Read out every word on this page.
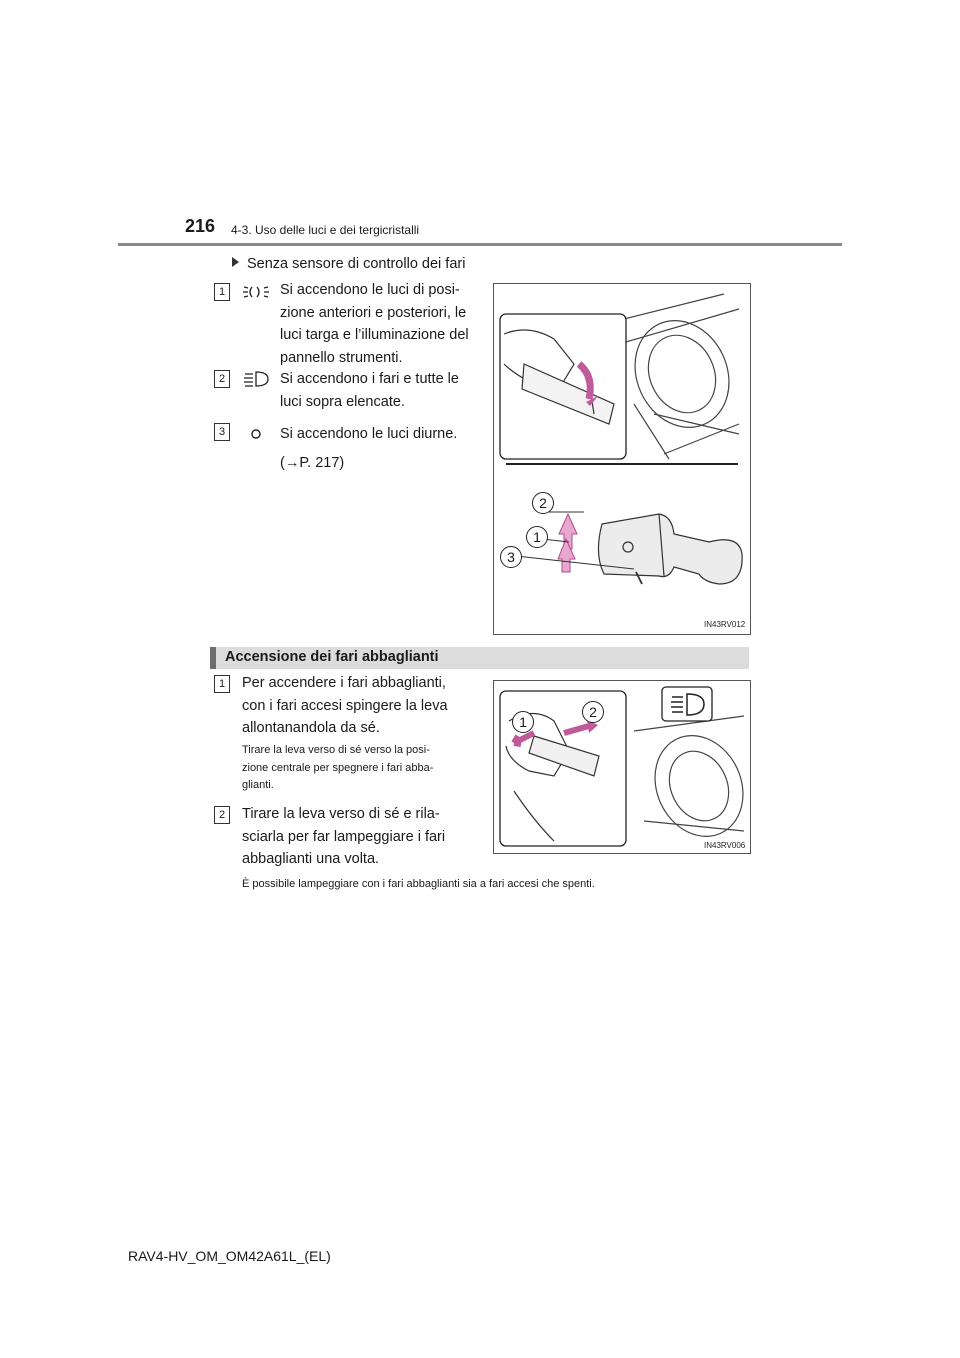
216 4-3. Uso delle luci e dei tergicristalli
Senza sensore di controllo dei fari
1	Si accendono le luci di posi-
zione anteriori e posteriori, le
luci targa e l’illuminazione del
pannello strumenti.
2	Si accendono i fari e tutte le
luci sopra elencate.
3	Si accendono le luci diurne.
(→P. 217)
2
1
3
IN43RV012
Accensione dei fari abbaglianti
1	Per accendere i fari abbaglianti,
con i fari accesi spingere la leva
allontanandola da sé.
Tirare la leva verso di sé verso la posi-
zione centrale per spegnere i fari abba-
glianti.
2	Tirare la leva verso di sé e rila-
sciarla per far lampeggiare i fari
abbaglianti una volta.
1
2
IN43RV006
È possibile lampeggiare con i fari abbaglianti sia a fari accesi che spenti.
RAV4-HV_OM_OM42A61L_(EL)
